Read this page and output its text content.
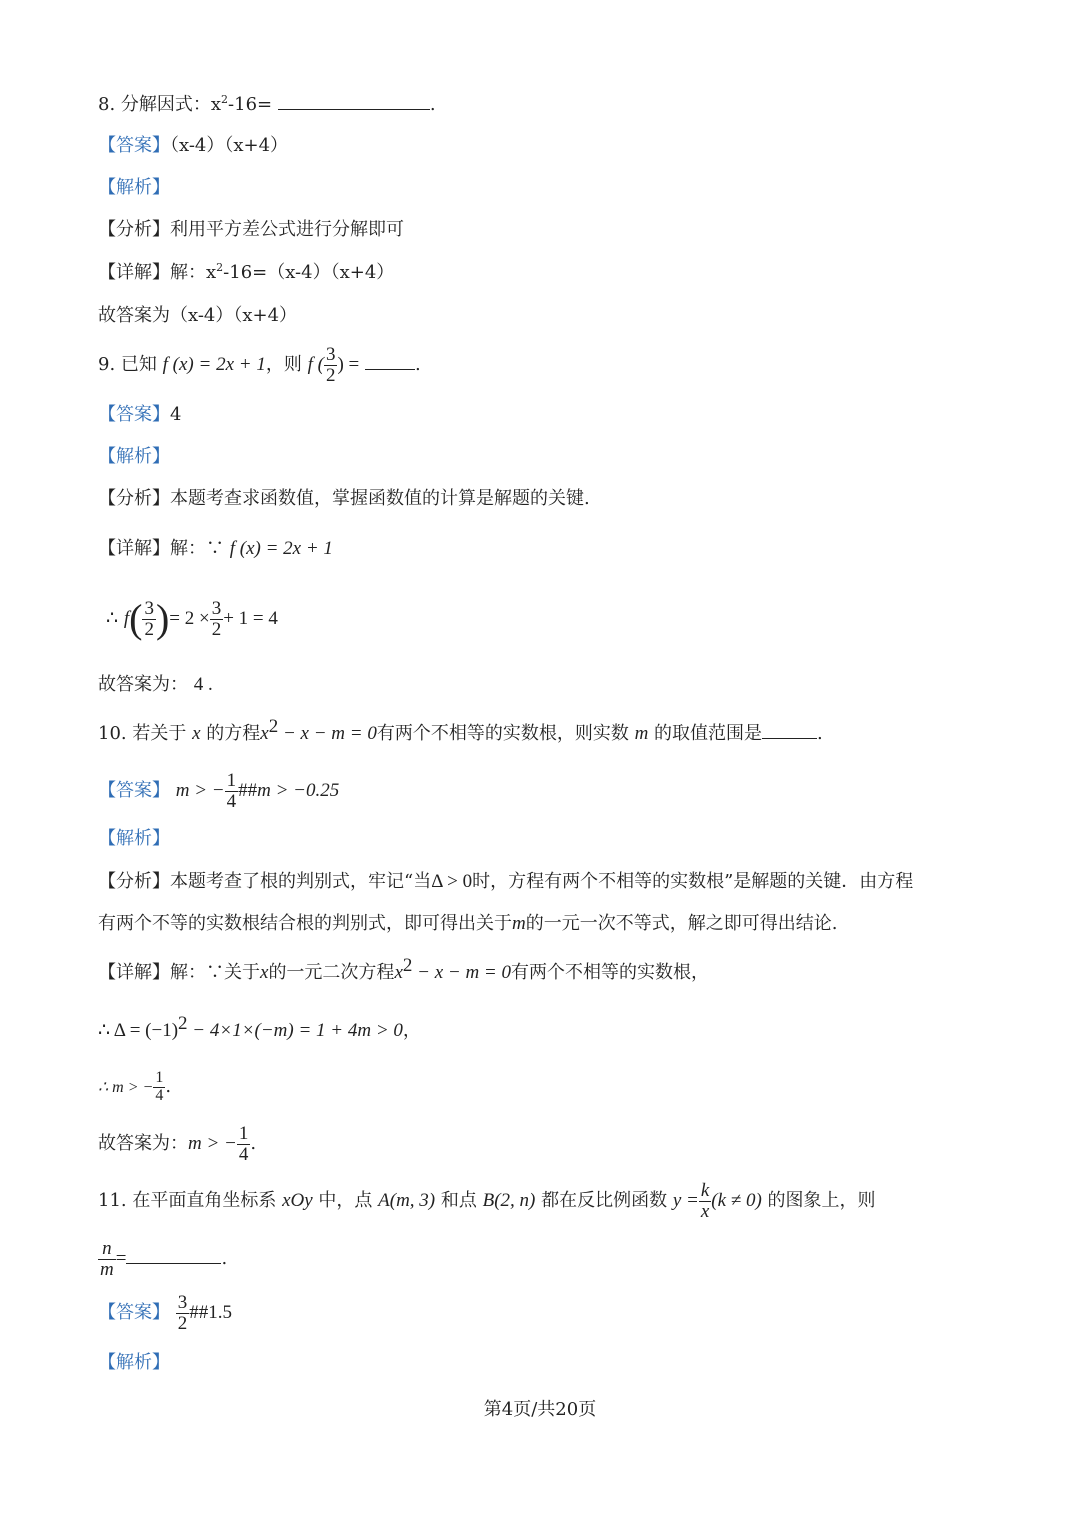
8. 分解因式：$x^2-16=$	.
【答案】（x-4）（x+4）
【解析】
【分析】利用平方差公式进行分解即可
【详解】解：$x^2-16=(x-4)(x+4)$
故答案为（x-4）（x+4）
9. 已知 f (x) = 2x + 1，则 f ( $\frac{3}{2}$ ) =	.
【答案】4
【解析】
【分析】本题考查求函数值，掌握函数值的计算是解题的关键.
【详解】解：∵ f (x) = 2x + 1
∴ $f( \frac{3}{2}$ )= $2 \times \frac{3}{2} + 1 = 4$
故答案为： 4 .
10. 若关于 x 的方程$x^2 - x - m = 0$有两个不相等的实数根，则实数 m 的取值范围是	.
【答案】 m > − $\frac{1}{4}$ ##m > −0.25
【解析】
【分析】本题考查了根的判别式，牢记“当Δ > 0时，方程有两个不相等的实数根”是解题的关键．由方程
有两个不等的实数根结合根的判别式，即可得出关于m的一元一次不等式，解之即可得出结论.
【详解】解：∵关于x的一元二次方程$x^2 - x - m = 0$有两个不相等的实数根，
∴ $\Delta = (-1)^2 - 4\times 1\times(-m) = 1 + 4m > 0$，
∴ m > − $\frac{1}{4}$ .
故答案为：m > − $\frac{1}{4}$ .
11. 在平面直角坐标系 xOy 中，点 A(m, 3) 和点 B(2, n) 都在反比例函数 $y = \frac{k}{x} (k \ne 0)$ 的图象上，则
$\frac{n}{m}$ =	.
【答案】 $\frac{3}{2}$ ##1.5
【解析】
第4页/共20页
